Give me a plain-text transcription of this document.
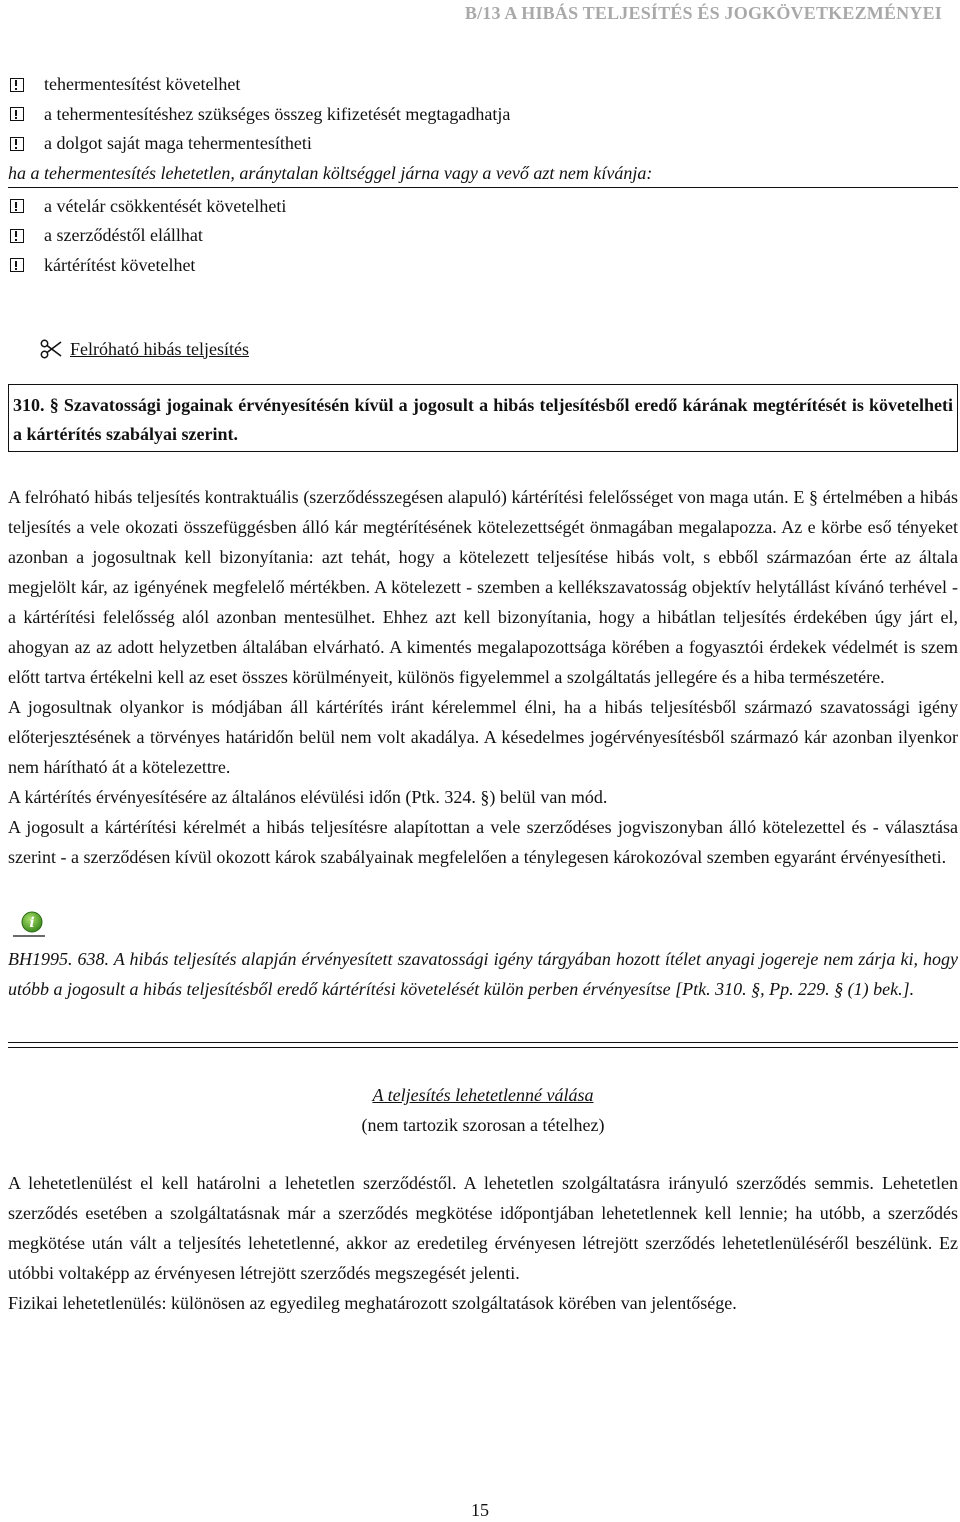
B/13 A HIBÁS TELJESÍTÉS ÉS JOGKÖVETKEZMÉNYEI
tehermentesítést követelhet
a tehermentesítéshez szükséges összeg kifizetését megtagadhatja
a dolgot saját maga tehermentesítheti
ha a tehermentesítés lehetetlen, aránytalan költséggel járna vagy a vevő azt nem kívánja:
a vételár csökkentését követelheti
a szerződéstől elállhat
kártérítést követelhet
Felróható hibás teljesítés
310. § Szavatossági jogainak érvényesítésén kívül a jogosult a hibás teljesítésből eredő kárának megtérítését is követelheti a kártérítés szabályai szerint.

A felróható hibás teljesítés kontraktuális (szerződésszegésen alapuló) kártérítési felelősséget von maga után. E § értelmében a hibás teljesítés a vele okozati összefüggésben álló kár megtérítésének kötelezettségét önmagában megalapozza. Az e körbe eső tényeket azonban a jogosultnak kell bizonyítania: azt tehát, hogy a kötelezett teljesítése hibás volt, s ebből származóan érte az általa megjelölt kár, az igényének megfelelő mértékben. A kötelezett - szemben a kellékszavatosság objektív helytállást kívánó terhével - a kártérítési felelősség alól azonban mentesülhet. Ehhez azt kell bizonyítania, hogy a hibátlan teljesítés érdekében úgy járt el, ahogyan az az adott helyzetben általában elvárható. A kimentés megalapozottsága körében a fogyasztói érdekek védelmét is szem előtt tartva értékelni kell az eset összes körülményeit, különös figyelemmel a szolgáltatás jellegére és a hiba természetére.

A jogosultnak olyankor is módjában áll kártérítés iránt kérelemmel élni, ha a hibás teljesítésből származó szavatossági igény előterjesztésének a törvényes határidőn belül nem volt akadálya. A késedelmes jogérvényesítésből származó kár azonban ilyenkor nem hárítható át a kötelezettre.

A kártérítés érvényesítésére az általános elévülési időn (Ptk. 324. §) belül van mód.

A jogosult a kártérítési kérelmét a hibás teljesítésre alapítottan a vele szerződéses jogviszonyban álló kötelezettel és - választása szerint - a szerződésen kívül okozott károk szabályainak megfelelően a ténylegesen károkozóval szemben egyaránt érvényesítheti.

i
BH1995. 638. A hibás teljesítés alapján érvényesített szavatossági igény tárgyában hozott ítélet anyagi jogereje nem zárja ki, hogy utóbb a jogosult a hibás teljesítésből eredő kártérítési követelését külön perben érvényesítse [Ptk. 310. §, Pp. 229. § (1) bek.].
A teljesítés lehetetlenné válása
(nem tartozik szorosan a tételhez)

A lehetetlenülést el kell határolni a lehetetlen szerződéstől. A lehetetlen szolgáltatásra irányuló szerződés semmis. Lehetetlen szerződés esetében a szolgáltatásnak már a szerződés megkötése időpontjában lehetetlennek kell lennie; ha utóbb, a szerződés megkötése után vált a teljesítés lehetetlenné, akkor az eredetileg érvényesen létrejött szerződés lehetetlenüléséről beszélünk. Ez utóbbi voltaképp az érvényesen létrejött szerződés megszegését jelenti.

Fizikai lehetetlenülés: különösen az egyedileg meghatározott szolgáltatások körében van jelentősége.

15
